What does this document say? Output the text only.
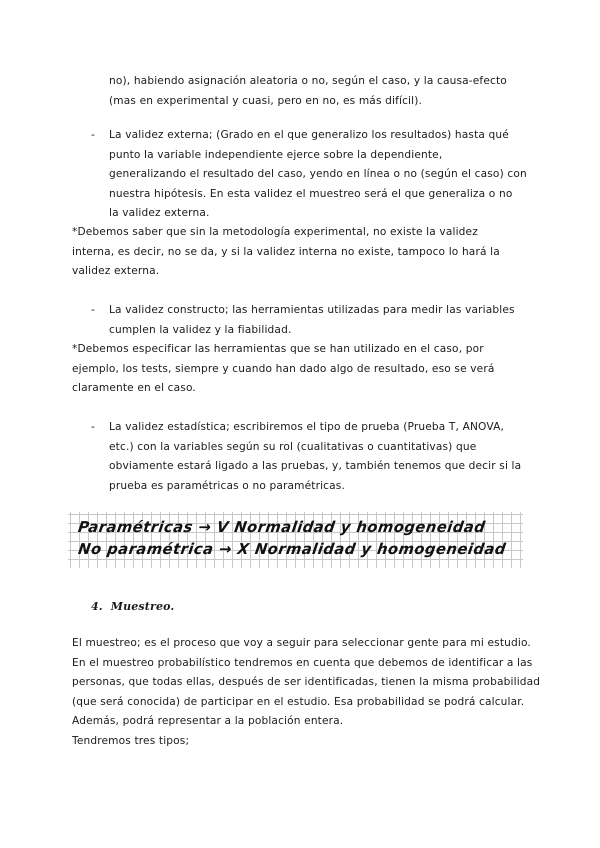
no), habiendo asignación aleatoria o no, según el caso, y la causa-efecto
(mas en experimental y cuasi, pero en no, es más difícil).
-	La validez externa; (Grado en el que generalizo los resultados) hasta qué
punto la variable independiente ejerce sobre la dependiente,
generalizando el resultado del caso, yendo en línea o no (según el caso) con
nuestra hipótesis. En esta validez el muestreo será el que generaliza o no
la validez externa.
*Debemos saber que sin la metodología experimental, no existe la validez
interna, es decir, no se da, y si la validez interna no existe, tampoco lo hará la
validez externa.
-	La validez constructo; las herramientas utilizadas para medir las variables
cumplen la validez y la fiabilidad.
*Debemos especificar las herramientas que se han utilizado en el caso, por
ejemplo, los tests, siempre y cuando han dado algo de resultado, eso se verá
claramente en el caso.
-	La validez estadística; escribiremos el tipo de prueba (Prueba T, ANOVA,
etc.) con la variables según su rol (cualitativas o cuantitativas) que
obviamente estará ligado a las pruebas, y, también tenemos que decir si la
prueba es paramétricas o no paramétricas.
Paramétricas → V Normalidad y homogeneidad
No paramétrica → X Normalidad y homogeneidad
4. Muestreo.
El muestreo; es el proceso que voy a seguir para seleccionar gente para mi estudio.
En el muestreo probabilístico tendremos en cuenta que debemos de identificar a las
personas, que todas ellas, después de ser identificadas, tienen la misma probabilidad
(que será conocida) de participar en el estudio. Esa probabilidad se podrá calcular.
Además, podrá representar a la población entera.
Tendremos tres tipos;
